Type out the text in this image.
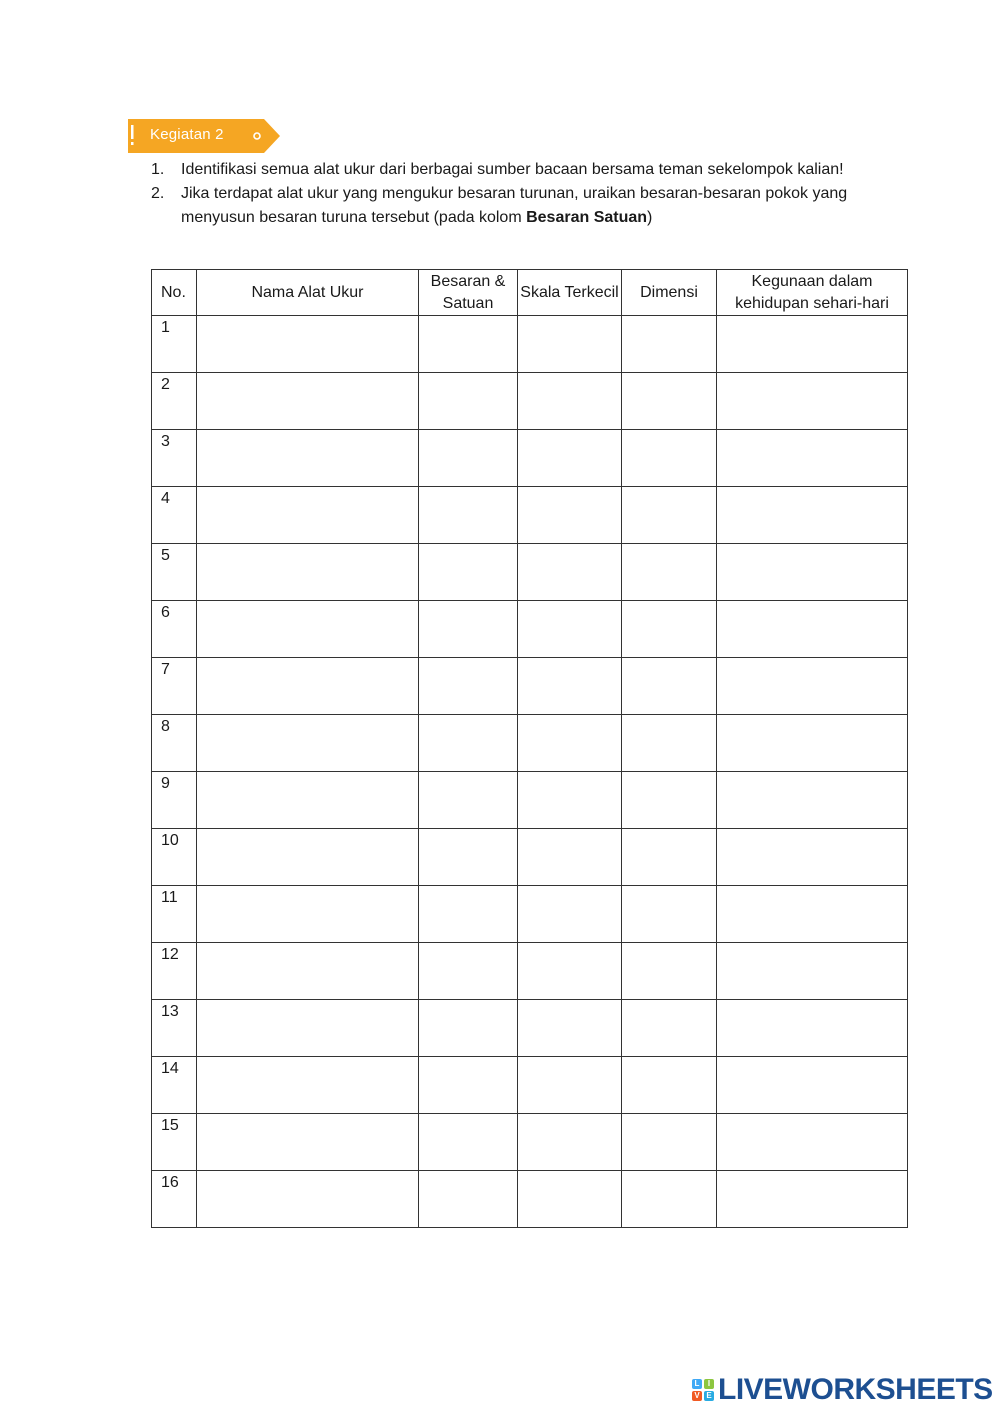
Kegiatan 2
1. Identifikasi semua alat ukur dari berbagai sumber bacaan bersama teman sekelompok kalian!
2. Jika terdapat alat ukur yang mengukur besaran turunan, uraikan besaran-besaran pokok yang menyusun besaran turuna tersebut (pada kolom Besaran Satuan)
No.	Nama Alat Ukur	Besaran & Satuan	Skala Terkecil	Dimensi	Kegunaan dalam kehidupan sehari-hari
1					
2					
3					
4					
5					
6					
7					
8					
9					
10					
11					
12					
13					
14					
15					
16					
L	I
V E LIVEWORKSHEETS
